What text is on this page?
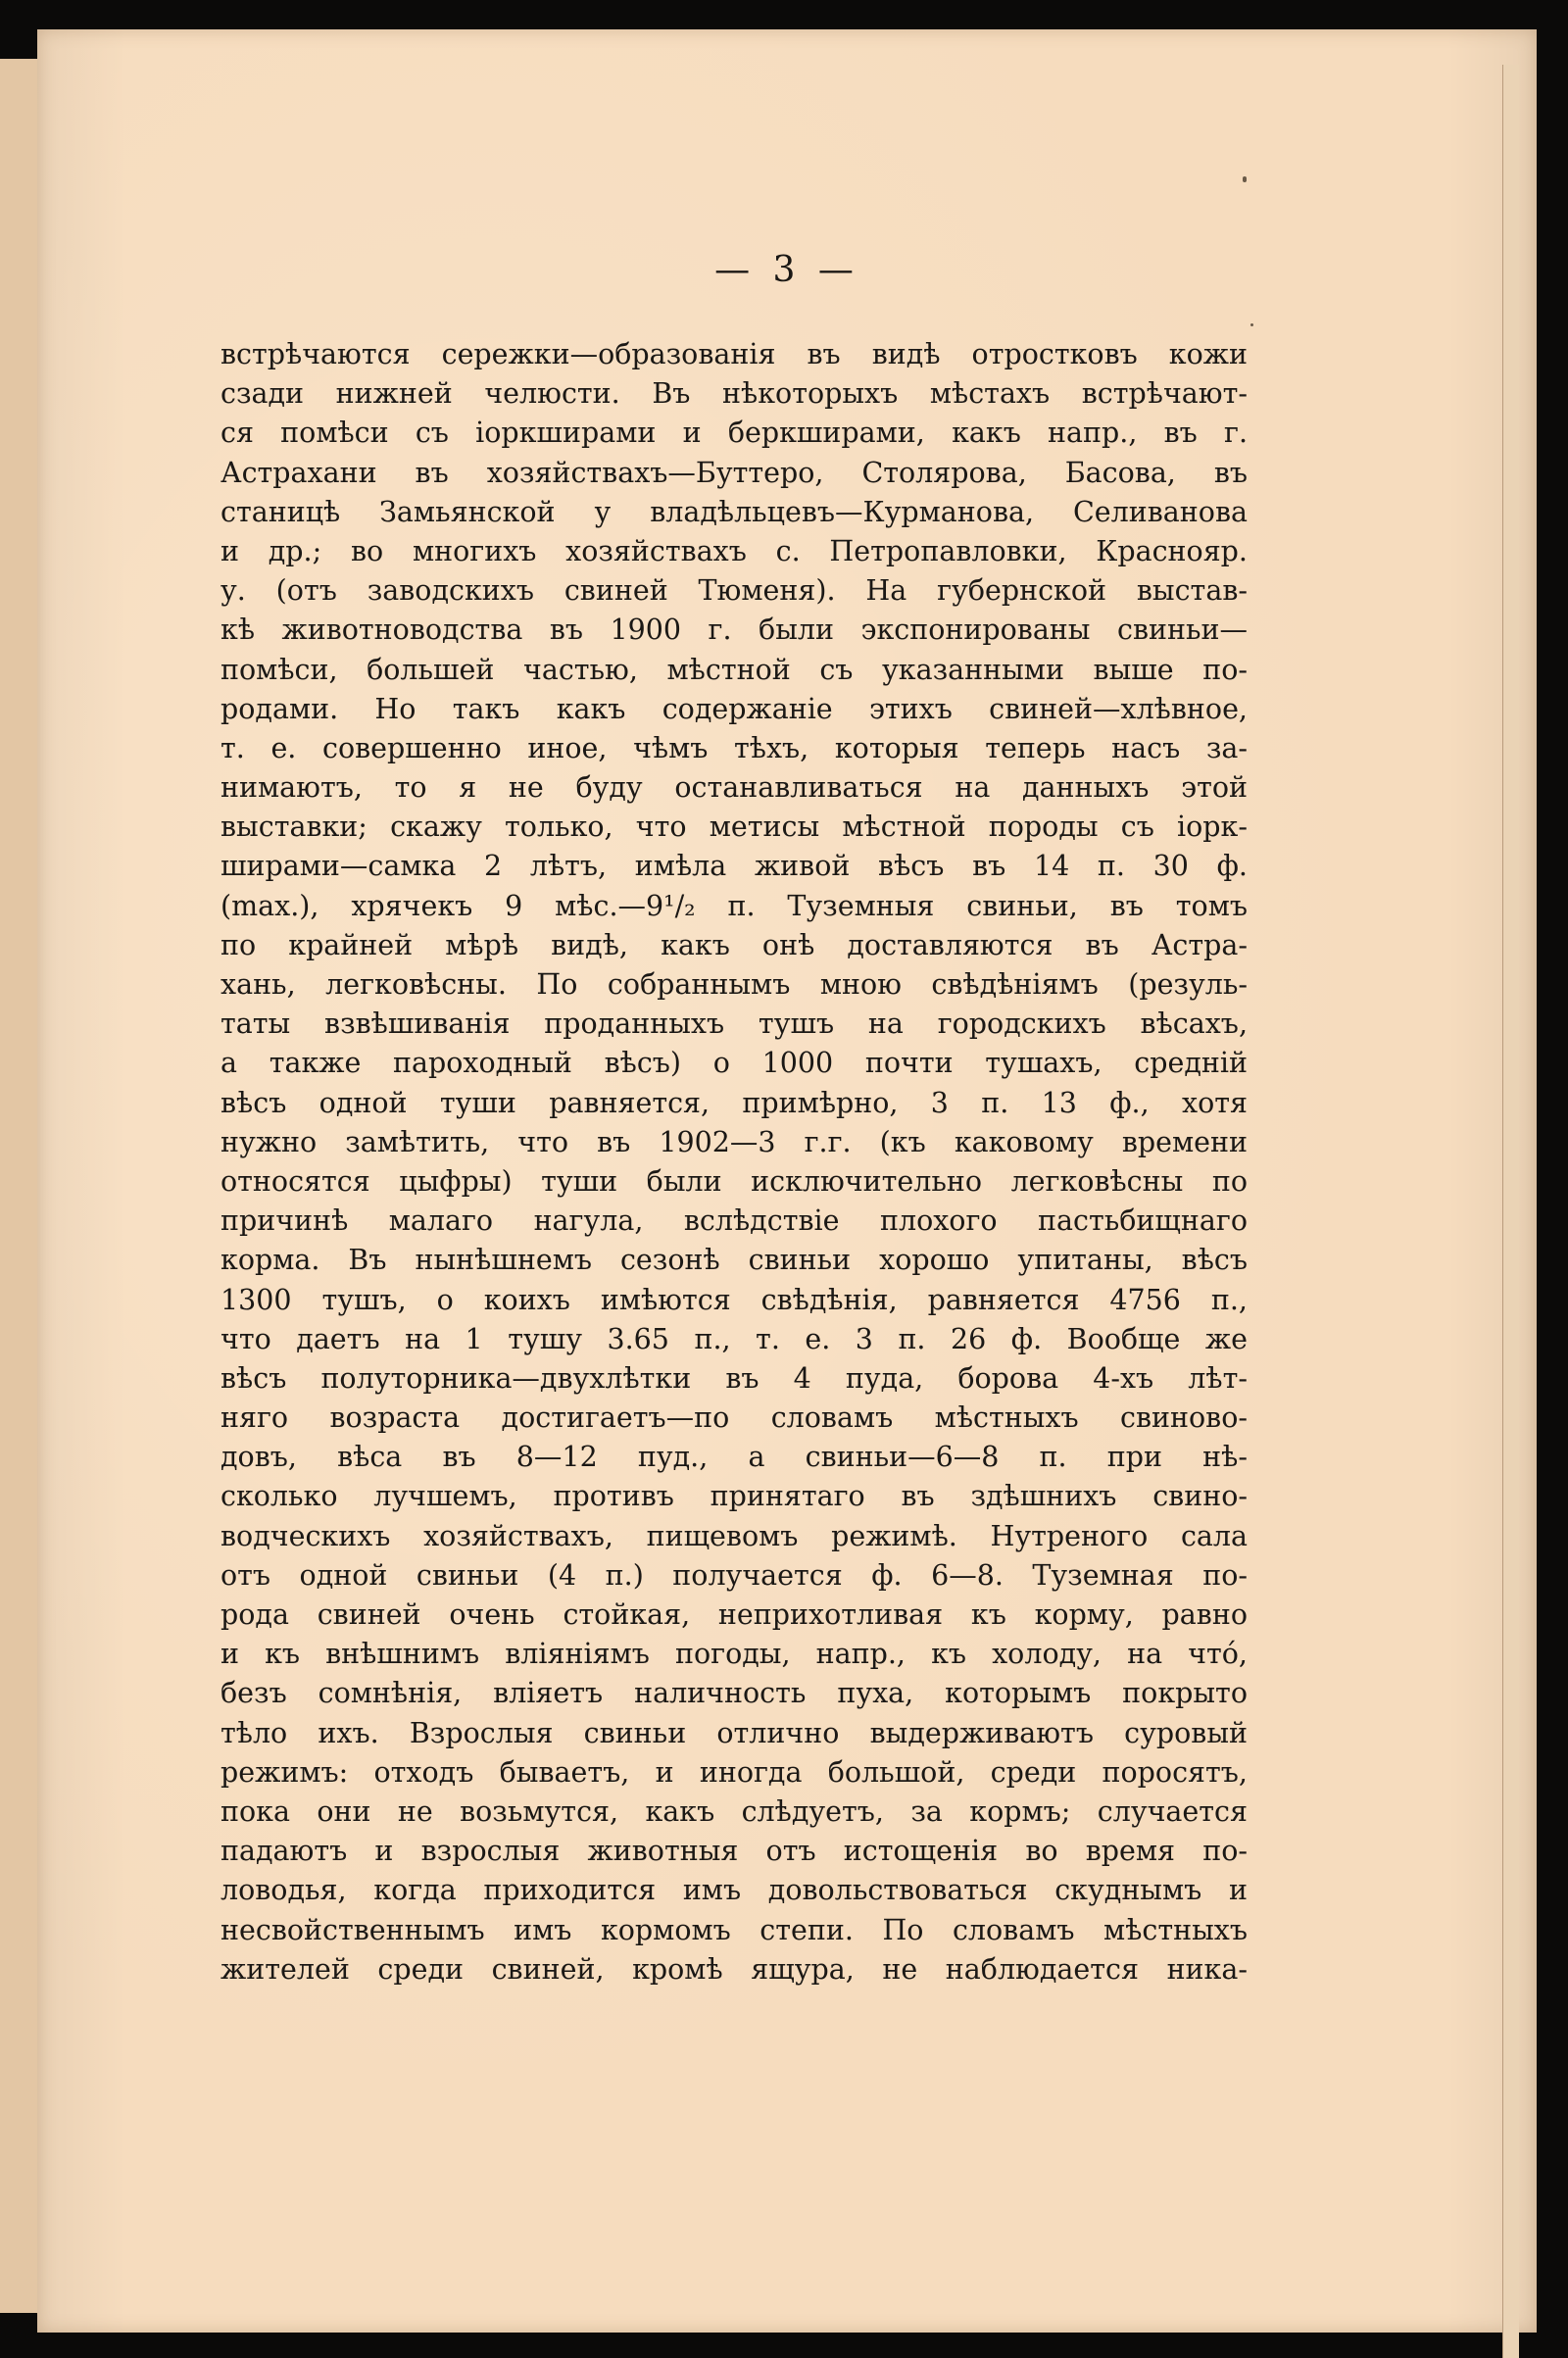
— 3 —
встрѣчаются сережки—образованія въ видѣ отростковъ кожи
сзади нижней челюсти. Въ нѣкоторыхъ мѣстахъ встрѣчают-
ся помѣси съ іоркширами и беркширами, какъ напр., въ г.
Астрахани въ хозяйствахъ—Буттеро, Столярова, Басова, въ
станицѣ Замьянской у владѣльцевъ—Курманова, Селиванова
и др.; во многихъ хозяйствахъ с. Петропавловки, Краснояр.
у. (отъ заводскихъ свиней Тюменя). На губернской выстав-
кѣ животноводства въ 1900 г. были экспонированы свиньи—
помѣси, большей частью, мѣстной съ указанными выше по-
родами. Но такъ какъ содержаніе этихъ свиней—хлѣвное,
т. е. совершенно иное, чѣмъ тѣхъ, которыя теперь насъ за-
нимаютъ, то я не буду останавливаться на данныхъ этой
выставки; скажу только, что метисы мѣстной породы съ іорк-
ширами—самка 2 лѣтъ, имѣла живой вѣсъ въ 14 п. 30 ф.
(max.), хрячекъ 9 мѣс.—9¹/₂ п. Туземныя свиньи, въ томъ
по крайней мѣрѣ видѣ, какъ онѣ доставляются въ Астра-
хань, легковѣсны. По собраннымъ мною свѣдѣніямъ (резуль-
таты взвѣшиванія проданныхъ тушъ на городскихъ вѣсахъ,
а также пароходный вѣсъ) о 1000 почти тушахъ, средній
вѣсъ одной туши равняется, примѣрно, 3 п. 13 ф., хотя
нужно замѣтить, что въ 1902—3 г.г. (къ каковому времени
относятся цыфры) туши были исключительно легковѣсны по
причинѣ малаго нагула, вслѣдствіе плохого пастьбищнаго
корма. Въ нынѣшнемъ сезонѣ свиньи хорошо упитаны, вѣсъ
1300 тушъ, о коихъ имѣются свѣдѣнія, равняется 4756 п.,
что даетъ на 1 тушу 3.65 п., т. е. 3 п. 26 ф. Вообще же
вѣсъ полуторника—двухлѣтки въ 4 пуда, борова 4-хъ лѣт-
няго возраста достигаетъ—по словамъ мѣстныхъ свиново-
довъ, вѣса въ 8—12 пуд., а свиньи—6—8 п. при нѣ-
сколько лучшемъ, противъ принятаго въ здѣшнихъ свино-
водческихъ хозяйствахъ, пищевомъ режимѣ. Нутреного сала
отъ одной свиньи (4 п.) получается ф. 6—8. Туземная по-
рода свиней очень стойкая, неприхотливая къ корму, равно
и къ внѣшнимъ вліяніямъ погоды, напр., къ холоду, на что́,
безъ сомнѣнія, вліяетъ наличность пуха, которымъ покрыто
тѣло ихъ. Взрослыя свиньи отлично выдерживаютъ суровый
режимъ: отходъ бываетъ, и иногда большой, среди поросятъ,
пока они не возьмутся, какъ слѣдуетъ, за кормъ; случается
падаютъ и взрослыя животныя отъ истощенія во время по-
ловодья, когда приходится имъ довольствоваться скуднымъ и
несвойственнымъ имъ кормомъ степи. По словамъ мѣстныхъ
жителей среди свиней, кромѣ ящура, не наблюдается ника-
